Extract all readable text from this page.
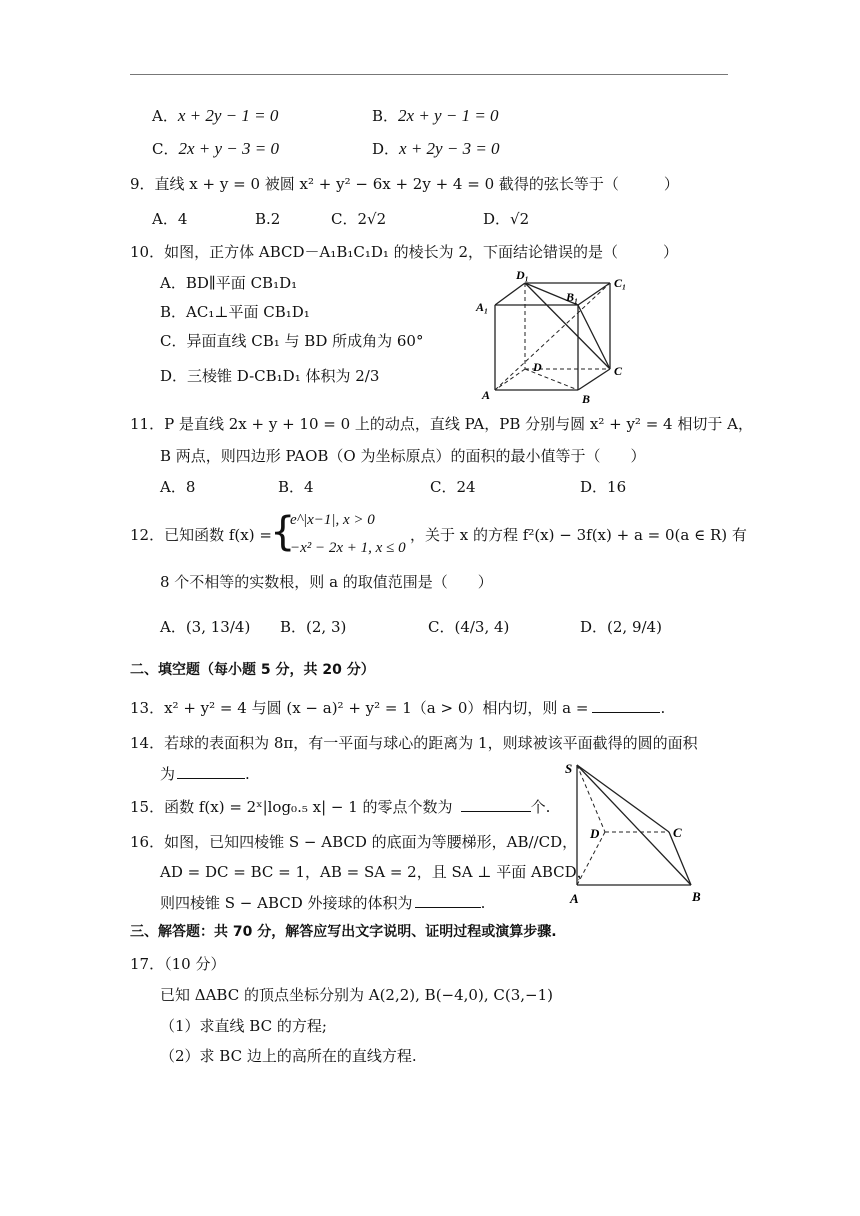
A．x + 2y − 1 = 0	B．2x + y − 1 = 0
C．2x + y − 3 = 0	D．x + 2y − 3 = 0
9．直线 x + y = 0 被圆 x² + y² − 6x + 2y + 4 = 0 截得的弦长等于（　　　）
A．4	B.2	C．2√2	D．√2
10．如图，正方体 ABCD－A₁B₁C₁D₁ 的棱长为 2，下面结论错误的是（　　　）
A．BD∥平面 CB₁D₁
B．AC₁⊥平面 CB₁D₁
C．异面直线 CB₁ 与 BD 所成角为 60°
D．三棱锥 D-CB₁D₁ 体积为 2/3
D₁
C₁
B₁
A₁
D	C
A	B
11．P 是直线 2x + y + 10 = 0 上的动点，直线 PA，PB 分别与圆 x² + y² = 4 相切于 A，
B 两点，则四边形 PAOB（O 为坐标原点）的面积的最小值等于（　　）
A．8	B．4	C．24	D．16
12．已知函数 f(x) =
{
e^|x−1|, x > 0
−x² − 2x + 1, x ≤ 0
，关于 x 的方程 f²(x) − 3f(x) + a = 0(a ∈ R) 有
8 个不相等的实数根，则 a 的取值范围是（　　）
A．(3, 13/4) B．(2, 3)	C．(4/3, 4)	D．(2, 9/4)
二、填空题（每小题 5 分，共 20 分）
13．x² + y² = 4 与圆 (x − a)² + y² = 1（a > 0）相内切，则 a =	.
14．若球的表面积为 8π，有一平面与球心的距离为 1，则球被该平面截得的圆的面积
为	.
15．函数 f(x) = 2ˣ|log₀.₅ x| − 1 的零点个数为	个.
16．如图，已知四棱锥 S − ABCD 的底面为等腰梯形，AB//CD，
AD = DC = BC = 1，AB = SA = 2，且 SA ⊥ 平面 ABCD，
则四棱锥 S − ABCD 外接球的体积为	.
S
D	C
A	B
三、解答题：共 70 分，解答应写出文字说明、证明过程或演算步骤.
17．（10 分）
已知 ΔABC 的顶点坐标分别为 A(2,2), B(−4,0), C(3,−1)
（1）求直线 BC 的方程;
（2）求 BC 边上的高所在的直线方程.
